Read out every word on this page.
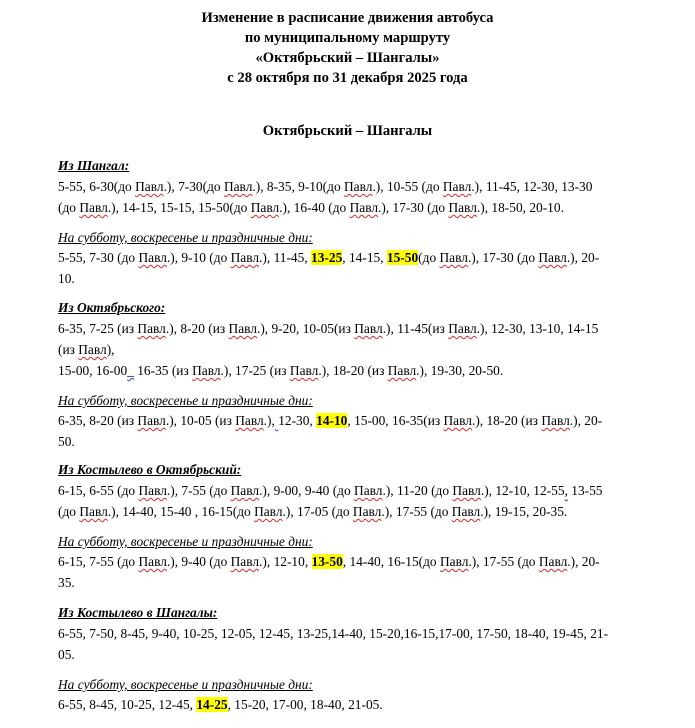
Изменение в расписание движения автобуса
по муниципальному маршруту
«Октябрьский – Шангалы»
с 28 октября по 31 декабря 2025 года
Октябрьский – Шангалы
Из Шангал:
5-55, 6-30(до Павл.), 7-30(до Павл.), 8-35, 9-10(до Павл.), 10-55 (до Павл.), 11-45, 12-30, 13-30
(до Павл.), 14-15, 15-15, 15-50(до Павл.), 16-40 (до Павл.), 17-30 (до Павл.), 18-50, 20-10.
На субботу, воскресенье и праздничные дни:
5-55, 7-30 (до Павл.), 9-10 (до Павл.), 11-45, 13-25, 14-15, 15-50(до Павл.), 17-30 (до Павл.), 20-
10.
Из Октябрьского:
6-35, 7-25 (из Павл.), 8-20 (из Павл.), 9-20, 10-05(из Павл.), 11-45(из Павл.), 12-30, 13-10, 14-15
(из Павл),
15-00, 16-00_ 16-35 (из Павл.), 17-25 (из Павл.), 18-20 (из Павл.), 19-30, 20-50.
На субботу, воскресенье и праздничные дни:
6-35, 8-20 (из Павл.), 10-05 (из Павл.), 12-30, 14-10, 15-00, 16-35(из Павл.), 18-20 (из Павл.), 20-
50.
Из Костылево в Октябрьский:
6-15, 6-55 (до Павл.), 7-55 (до Павл.), 9-00, 9-40 (до Павл.), 11-20 (до Павл.), 12-10, 12-55, 13-55
(до Павл.), 14-40, 15-40 , 16-15(до Павл.), 17-05 (до Павл.), 17-55 (до Павл.), 19-15, 20-35.
На субботу, воскресенье и праздничные дни:
6-15, 7-55 (до Павл.), 9-40 (до Павл.), 12-10, 13-50, 14-40, 16-15(до Павл.), 17-55 (до Павл.), 20-
35.
Из Костылево в Шангалы:
6-55, 7-50, 8-45, 9-40, 10-25, 12-05, 12-45, 13-25,14-40, 15-20,16-15,17-00, 17-50, 18-40, 19-45, 21-
05.
На субботу, воскресенье и праздничные дни:
6-55, 8-45, 10-25, 12-45, 14-25, 15-20, 17-00, 18-40, 21-05.
